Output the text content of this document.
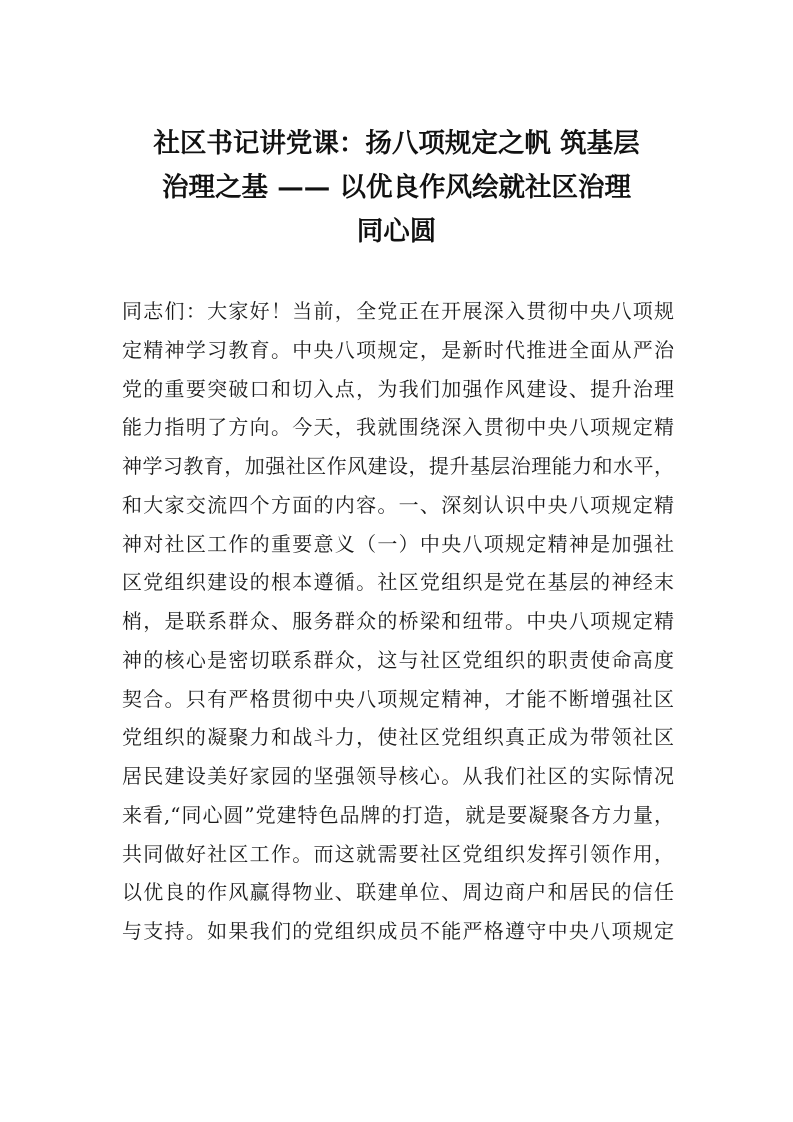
社区书记讲党课：扬八项规定之帆 筑基层
治理之基 —— 以优良作风绘就社区治理
同心圆
同志们：大家好！当前，全党正在开展深入贯彻中央八项规
定精神学习教育。中央八项规定，是新时代推进全面从严治
党的重要突破口和切入点，为我们加强作风建设、提升治理
能力指明了方向。今天，我就围绕深入贯彻中央八项规定精
神学习教育，加强社区作风建设，提升基层治理能力和水平，
和大家交流四个方面的内容。一、深刻认识中央八项规定精
神对社区工作的重要意义（一）中央八项规定精神是加强社
区党组织建设的根本遵循。社区党组织是党在基层的神经末
梢，是联系群众、服务群众的桥梁和纽带。中央八项规定精
神的核心是密切联系群众，这与社区党组织的职责使命高度
契合。只有严格贯彻中央八项规定精神，才能不断增强社区
党组织的凝聚力和战斗力，使社区党组织真正成为带领社区
居民建设美好家园的坚强领导核心。从我们社区的实际情况
来看,“同心圆”党建特色品牌的打造，就是要凝聚各方力量，
共同做好社区工作。而这就需要社区党组织发挥引领作用，
以优良的作风赢得物业、联建单位、周边商户和居民的信任
与支持。如果我们的党组织成员不能严格遵守中央八项规定
